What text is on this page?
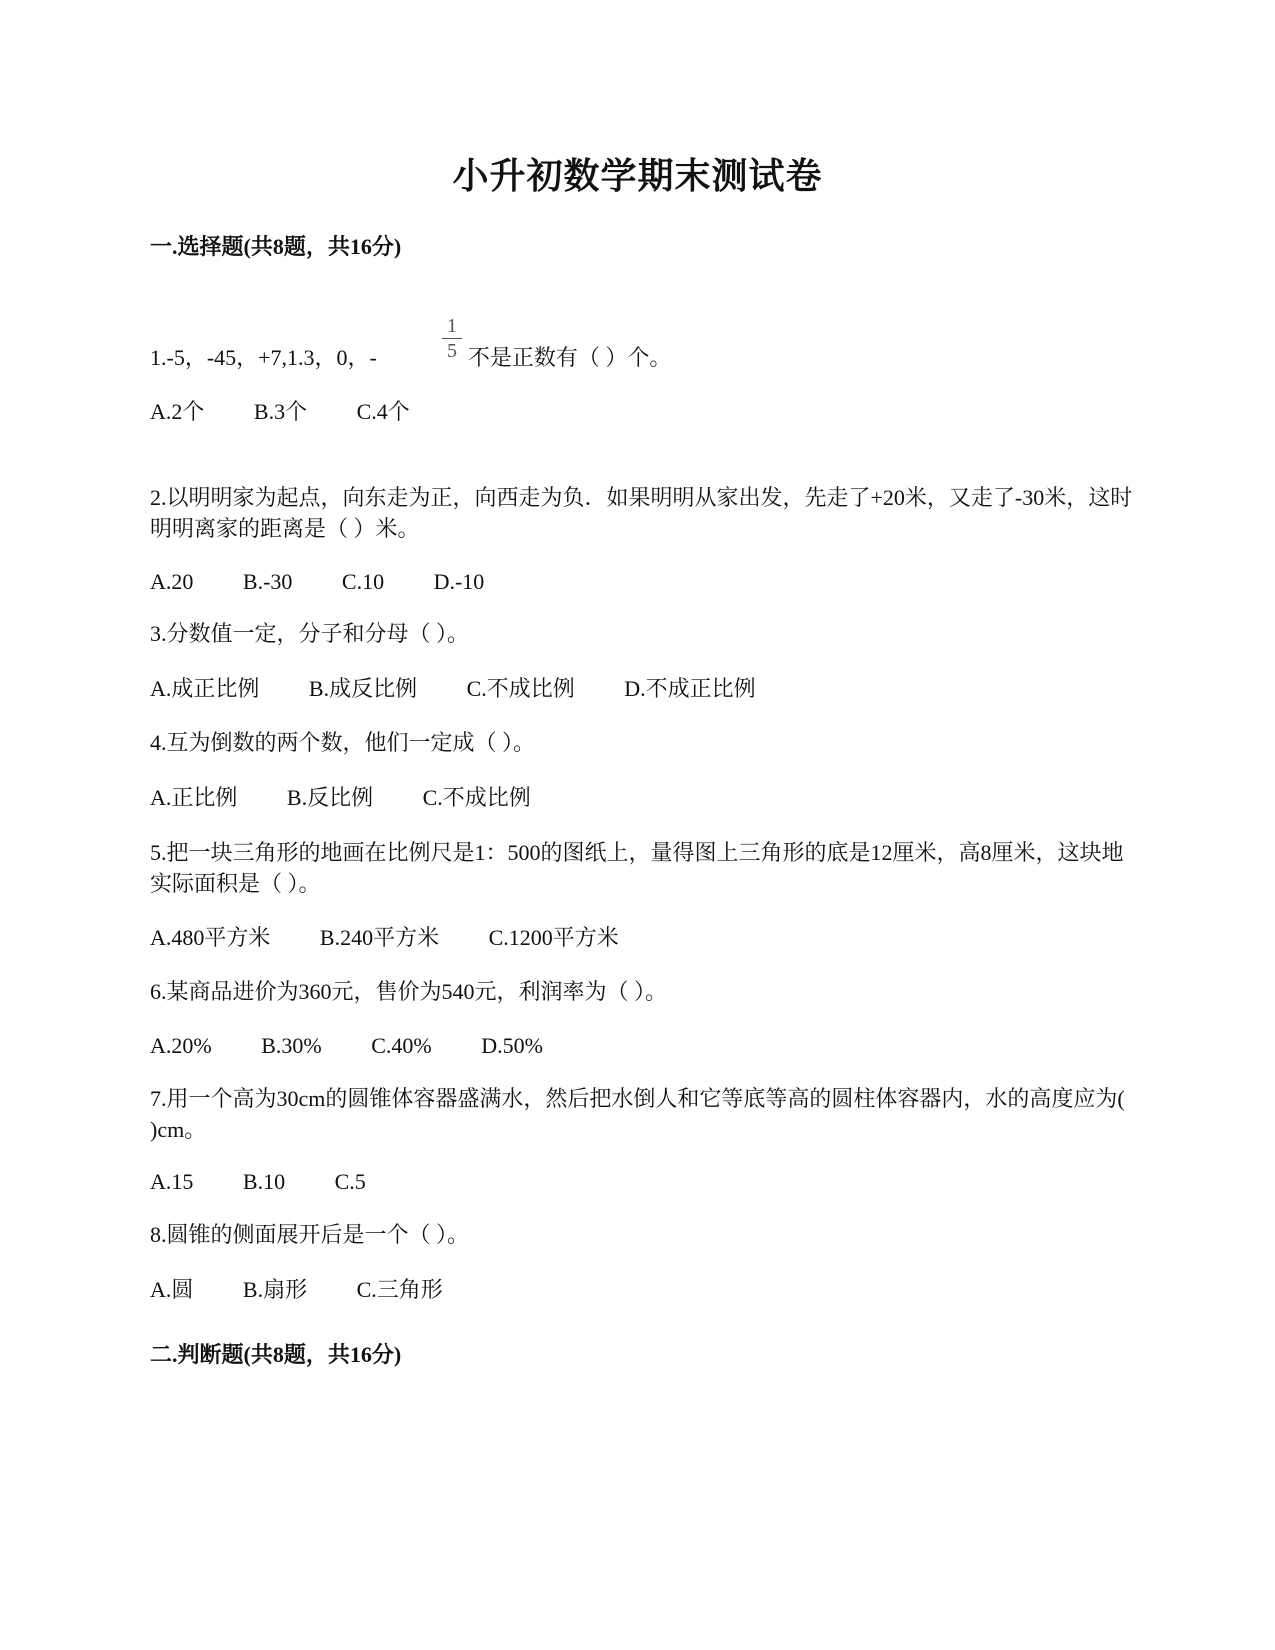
小升初数学期末测试卷
一.选择题(共8题，共16分)
1
5
1.-5，-45，+7,1.3，0，-	不是正数有（ ）个。
A.2个 B.3个 C.4个
2.以明明家为起点，向东走为正，向西走为负．如果明明从家出发，先走了+20米，又走了-30米，这时明明离家的距离是（ ）米。
A.20 B.-30 C.10 D.-10
3.分数值一定，分子和分母（ ）。
A.成正比例 B.成反比例 C.不成比例 D.不成正比例
4.互为倒数的两个数，他们一定成（ ）。
A.正比例 B.反比例 C.不成比例
5.把一块三角形的地画在比例尺是1：500的图纸上，量得图上三角形的底是12厘米，高8厘米，这块地实际面积是（ ）。
A.480平方米 B.240平方米 C.1200平方米
6.某商品进价为360元，售价为540元，利润率为（ ）。
A.20% B.30% C.40% D.50%
7.用一个高为30cm的圆锥体容器盛满水，然后把水倒人和它等底等高的圆柱体容器内，水的高度应为( )cm。
A.15 B.10 C.5
8.圆锥的侧面展开后是一个（ ）。
A.圆 B.扇形 C.三角形
二.判断题(共8题，共16分)
